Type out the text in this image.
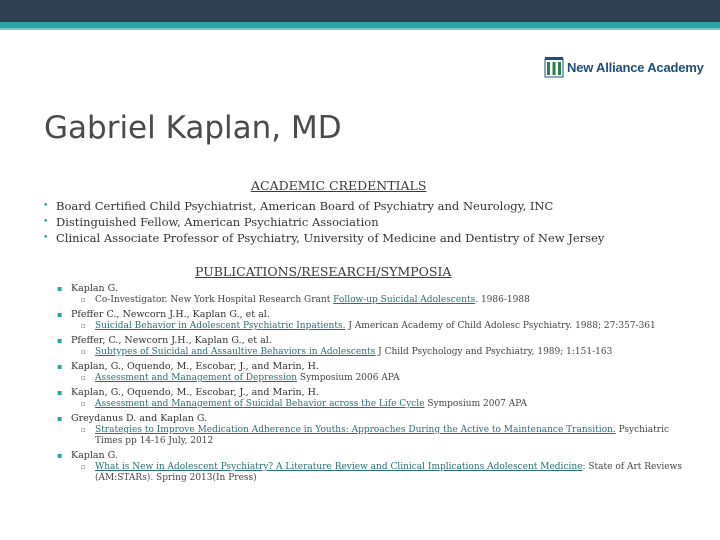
New Alliance Academy
Gabriel Kaplan, MD
ACADEMIC CREDENTIALS
• Board Certified Child Psychiatrist, American Board of Psychiatry and Neurology, INC
• Distinguished Fellow, American Psychiatric Association
• Clinical Associate Professor of Psychiatry, University of Medicine and Dentistry of New Jersey
PUBLICATIONS/RESEARCH/SYMPOSIA
▪ Kaplan G.
▫ Co-Investigator. New York Hospital Research Grant Follow-up Suicidal Adolescents. 1986-1988
▪ Pfeffer C., Newcorn J.H., Kaplan G., et al.
▫ Suicidal Behavior in Adolescent Psychiatric Inpatients. J American Academy of Child Adolesc Psychiatry. 1988; 27:357-361
▪ Pfeffer, C., Newcorn J.H., Kaplan G., et al.
▫ Subtypes of Suicidal and Assaultive Behaviors in Adolescents J Child Psychology and Psychiatry, 1989; 1:151-163
▪ Kaplan, G., Oquendo, M., Escobar, J., and Marin, H.
▫ Assessment and Management of Depression Symposium 2006 APA
▪ Kaplan, G., Oquendo, M., Escobar, J., and Marin, H.
▫ Assessment and Management of Suicidal Behavior across the Life Cycle Symposium 2007 APA
▪ Greydanus D. and Kaplan G.
▫ Strategies to Improve Medication Adherence in Youths: Approaches During the Active to Maintenance Transition. Psychiatric Times pp 14-16 July, 2012
▪ Kaplan G.
▫ What is New in Adolescent Psychiatry? A Literature Review and Clinical Implications Adolescent Medicine: State of Art Reviews (AM:STARs). Spring 2013(In Press)
